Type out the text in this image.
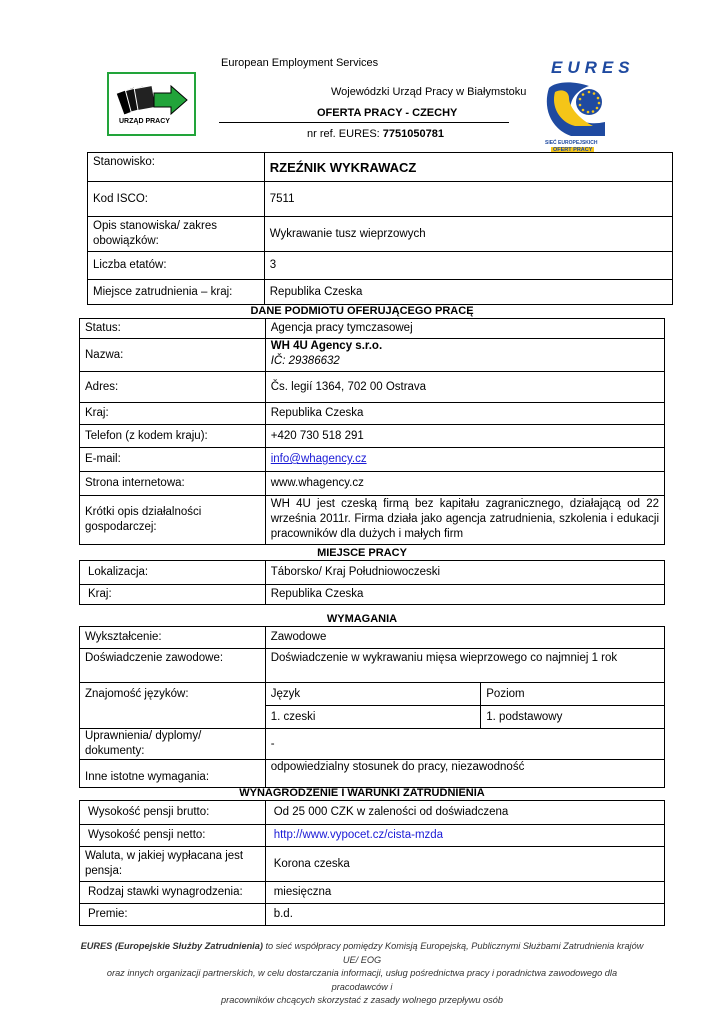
European Employment Services
URZĄD PRACY
Wojewódzki Urząd Pracy w Białymstoku
OFERTA PRACY - CZECHY
nr ref. EURES: 7751050781
EURES
SIEĆ EUROPEJSKICH
OFERT PRACY
Stanowisko:	RZEŹNIK WYKRAWACZ
Kod ISCO:	7511
Opis stanowiska/ zakres obowiązków:	Wykrawanie tusz wieprzowych
Liczba etatów:	3
Miejsce zatrudnienia – kraj:	Republika Czeska
DANE PODMIOTU OFERUJĄCEGO PRACĘ
Status:	Agencja pracy tymczasowej
Nazwa:	WH 4U Agency s.r.o.
IČ: 29386632

Adres:	Čs. legií 1364, 702 00 Ostrava
Kraj:	Republika Czeska
Telefon (z kodem kraju):	+420 730 518 291
E-mail:	info@whagency.cz
Strona internetowa:	www.whagency.cz
Krótki opis działalności gospodarczej:	WH 4U jest czeską firmą bez kapitału zagranicznego, działającą od 22 września 2011r. Firma działa jako agencja zatrudnienia, szkolenia i edukacji pracowników dla dużych i małych firm
MIEJSCE PRACY
Lokalizacja:	Táborsko/ Kraj Południowoczeski
Kraj:	Republika Czeska
WYMAGANIA
Wykształcenie:	Zawodowe	
Doświadczenie zawodowe:	Doświadczenie w wykrawaniu mięsa wieprzowego co najmniej 1 rok	
Znajomość języków:	Język	Poziom
	1. czeski	1. podstawowy
Uprawnienia/ dyplomy/ dokumenty:	-	
Inne istotne wymagania:	odpowiedzialny stosunek do pracy, niezawodność	
WYNAGRODZENIE I WARUNKI ZATRUDNIENIA
Wysokość pensji brutto:	Od 25 000 CZK w zaleności od doświadczena
Wysokość pensji netto:	http://www.vypocet.cz/cista-mzda
Waluta, w jakiej wypłacana jest pensja:	Korona czeska
Rodzaj stawki wynagrodzenia:	miesięczna
Premie:	b.d.
EURES (Europejskie Służby Zatrudnienia) to sieć współpracy pomiędzy Komisją Europejską, Publicznymi Służbami Zatrudnienia krajów UE/ EOG
oraz innych organizacji partnerskich, w celu dostarczania informacji, usług pośrednictwa pracy i poradnictwa zawodowego dla pracodawców i
pracowników chcących skorzystać z zasady wolnego przepływu osób
